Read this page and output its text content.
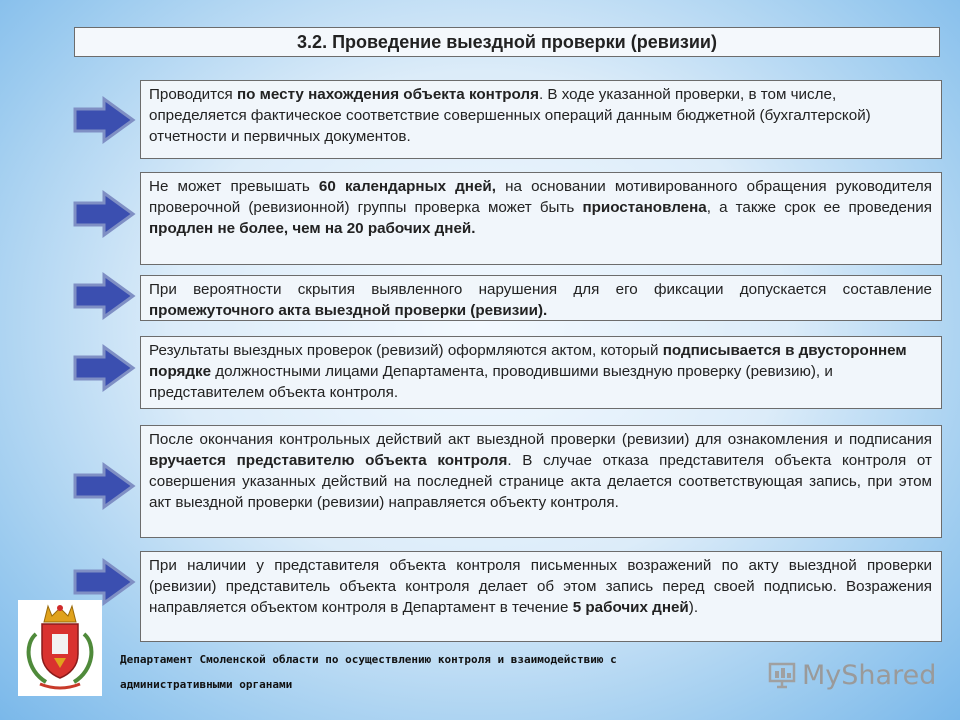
3.2. Проведение выездной проверки (ревизии)
Проводится по месту нахождения объекта контроля. В ходе указанной проверки, в том числе, определяется фактическое соответствие совершенных операций данным бюджетной (бухгалтерской) отчетности и первичных документов.
Не может превышать 60 календарных дней, на основании мотивированного обращения руководителя проверочной (ревизионной) группы проверка может быть приостановлена, а также срок ее проведения продлен не более, чем на 20 рабочих дней.
При вероятности скрытия выявленного нарушения для его фиксации допускается составление промежуточного акта выездной проверки (ревизии).
Результаты выездных проверок (ревизий) оформляются актом, который подписывается в двустороннем порядке должностными лицами Департамента, проводившими выездную проверку (ревизию), и представителем объекта контроля.
После окончания контрольных действий акт выездной проверки (ревизии) для ознакомления и подписания вручается представителю объекта контроля. В случае отказа представителя объекта контроля от совершения указанных действий на последней странице акта делается соответствующая запись, при этом акт выездной проверки (ревизии) направляется объекту контроля.
При наличии у представителя объекта контроля письменных возражений по акту выездной проверки (ревизии) представитель объекта контроля делает об этом запись перед своей подписью. Возражения направляется объектом контроля в Департамент в течение 5 рабочих дней).
Департамент Смоленской области по осуществлению контроля и взаимодействию с
административными органами	MyShared
